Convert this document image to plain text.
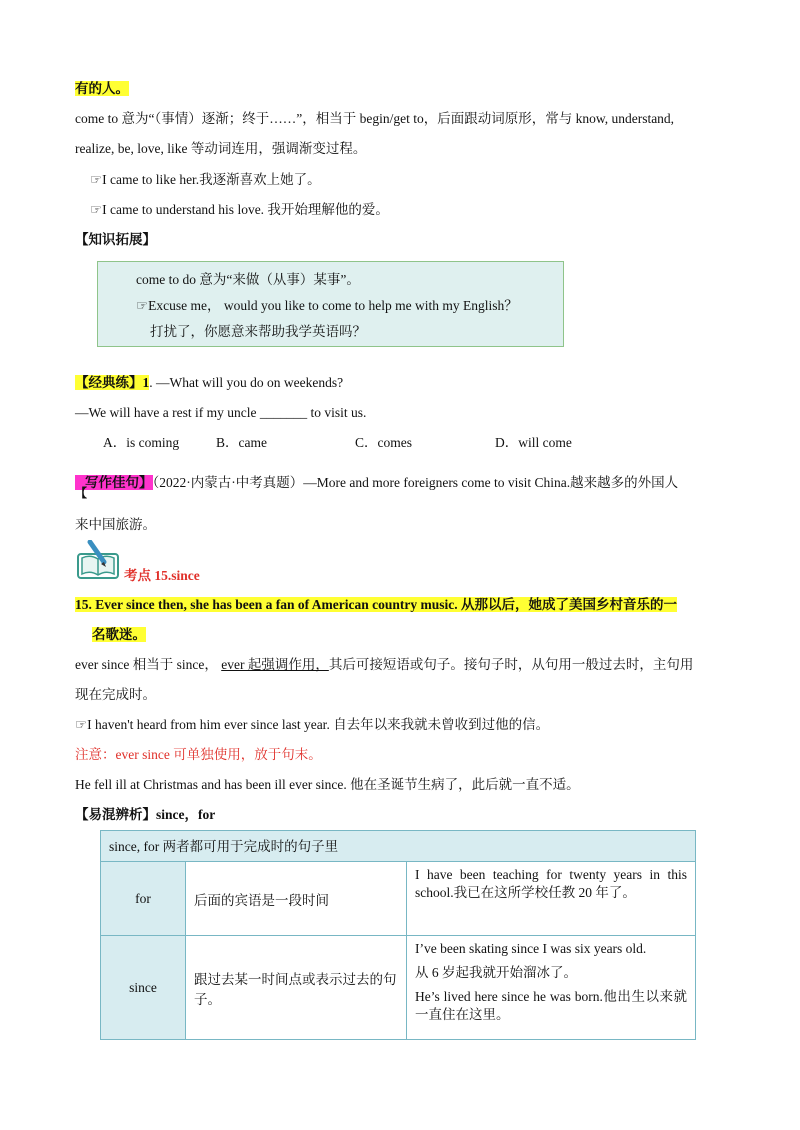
有的人。
come to 意为“（事情）逐渐；终于……”，相当于 begin/get to，后面跟动词原形，常与 know, understand,
realize, be, love, like 等动词连用，强调渐变过程。
☞I came to like her.我逐渐喜欢上她了。
☞I came to understand his love. 我开始理解他的爱。
【知识拓展】
come to do 意为“来做（从事）某事”。
☞Excuse me， would you like to come to help me with my English？
打扰了，你愿意来帮助我学英语吗？
【经典练】1. —What will you do on weekends?
—We will have a rest if my uncle _______ to visit us.
A．is coming	B．came	C．comes	D．will come
【
写作佳句】（2022·内蒙古·中考真题）—More and more foreigners come to visit China.越来越多的外国人
来中国旅游。
考点 15.since
15. Ever since then, she has been a fan of American country music. 从那以后，她成了美国乡村音乐的一
名歌迷。
ever since 相当于 since， ever 起强调作用，其后可接短语或句子。接句子时，从句用一般过去时，主句用
现在完成时。
☞I haven't heard from him ever since last year. 自去年以来我就未曾收到过他的信。
注意：ever since 可单独使用，放于句末。
He fell ill at Christmas and has been ill ever since. 他在圣诞节生病了，此后就一直不适。
【易混辨析】since，for
since, for 两者都可用于完成时的句子里		
for	后面的宾语是一段时间	I have been teaching for twenty years in this school.我已在这所学校任教 20 年了。

since	跟过去某一时间点或表示过去的句子。	I’ve been skating since I was six years old.

从 6 岁起我就开始溜冰了。

He’s lived here since he was born.他出生以来就一直住在这里。
